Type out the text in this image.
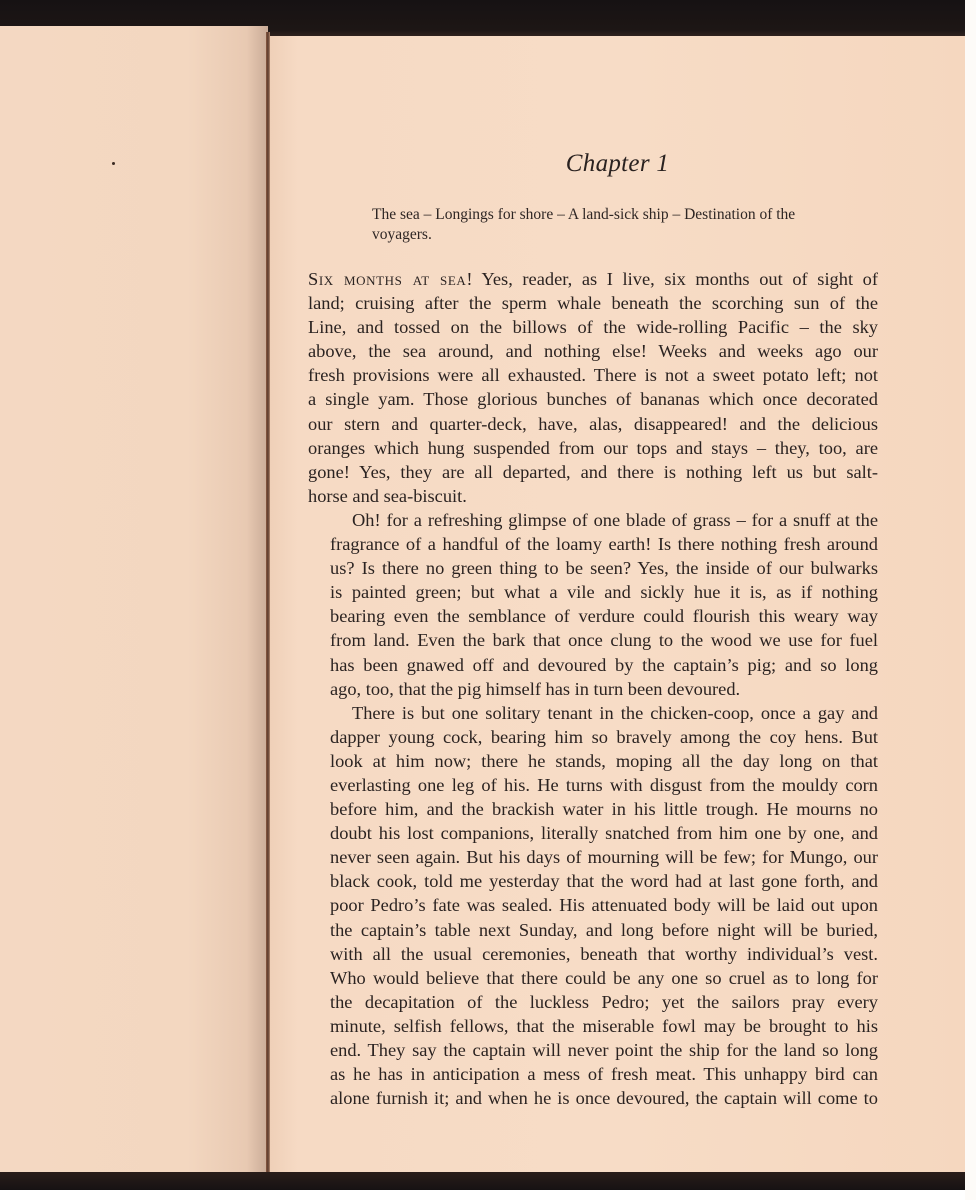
Chapter 1
The sea – Longings for shore – A land-sick ship – Destination of the voyagers.

Six months at sea! Yes, reader, as I live, six months out of sight of
land; cruising after the sperm whale beneath the scorching sun of the
Line, and tossed on the billows of the wide-rolling Pacific – the sky
above, the sea around, and nothing else! Weeks and weeks ago our
fresh provisions were all exhausted. There is not a sweet potato left; not
a single yam. Those glorious bunches of bananas which once decorated
our stern and quarter-deck, have, alas, disappeared! and the delicious
oranges which hung suspended from our tops and stays – they, too, are
gone! Yes, they are all departed, and there is nothing left us but salt-
horse and sea-biscuit.

Oh! for a refreshing glimpse of one blade of grass – for a snuff at the
fragrance of a handful of the loamy earth! Is there nothing fresh around
us? Is there no green thing to be seen? Yes, the inside of our bulwarks
is painted green; but what a vile and sickly hue it is, as if nothing
bearing even the semblance of verdure could flourish this weary way
from land. Even the bark that once clung to the wood we use for fuel
has been gnawed off and devoured by the captain’s pig; and so long
ago, too, that the pig himself has in turn been devoured.

There is but one solitary tenant in the chicken-coop, once a gay and
dapper young cock, bearing him so bravely among the coy hens. But
look at him now; there he stands, moping all the day long on that
everlasting one leg of his. He turns with disgust from the mouldy corn
before him, and the brackish water in his little trough. He mourns no
doubt his lost companions, literally snatched from him one by one, and
never seen again. But his days of mourning will be few; for Mungo, our
black cook, told me yesterday that the word had at last gone forth, and
poor Pedro’s fate was sealed. His attenuated body will be laid out upon
the captain’s table next Sunday, and long before night will be buried,
with all the usual ceremonies, beneath that worthy individual’s vest.
Who would believe that there could be any one so cruel as to long for
the decapitation of the luckless Pedro; yet the sailors pray every
minute, selfish fellows, that the miserable fowl may be brought to his
end. They say the captain will never point the ship for the land so long
as he has in anticipation a mess of fresh meat. This unhappy bird can
alone furnish it; and when he is once devoured, the captain will come to
